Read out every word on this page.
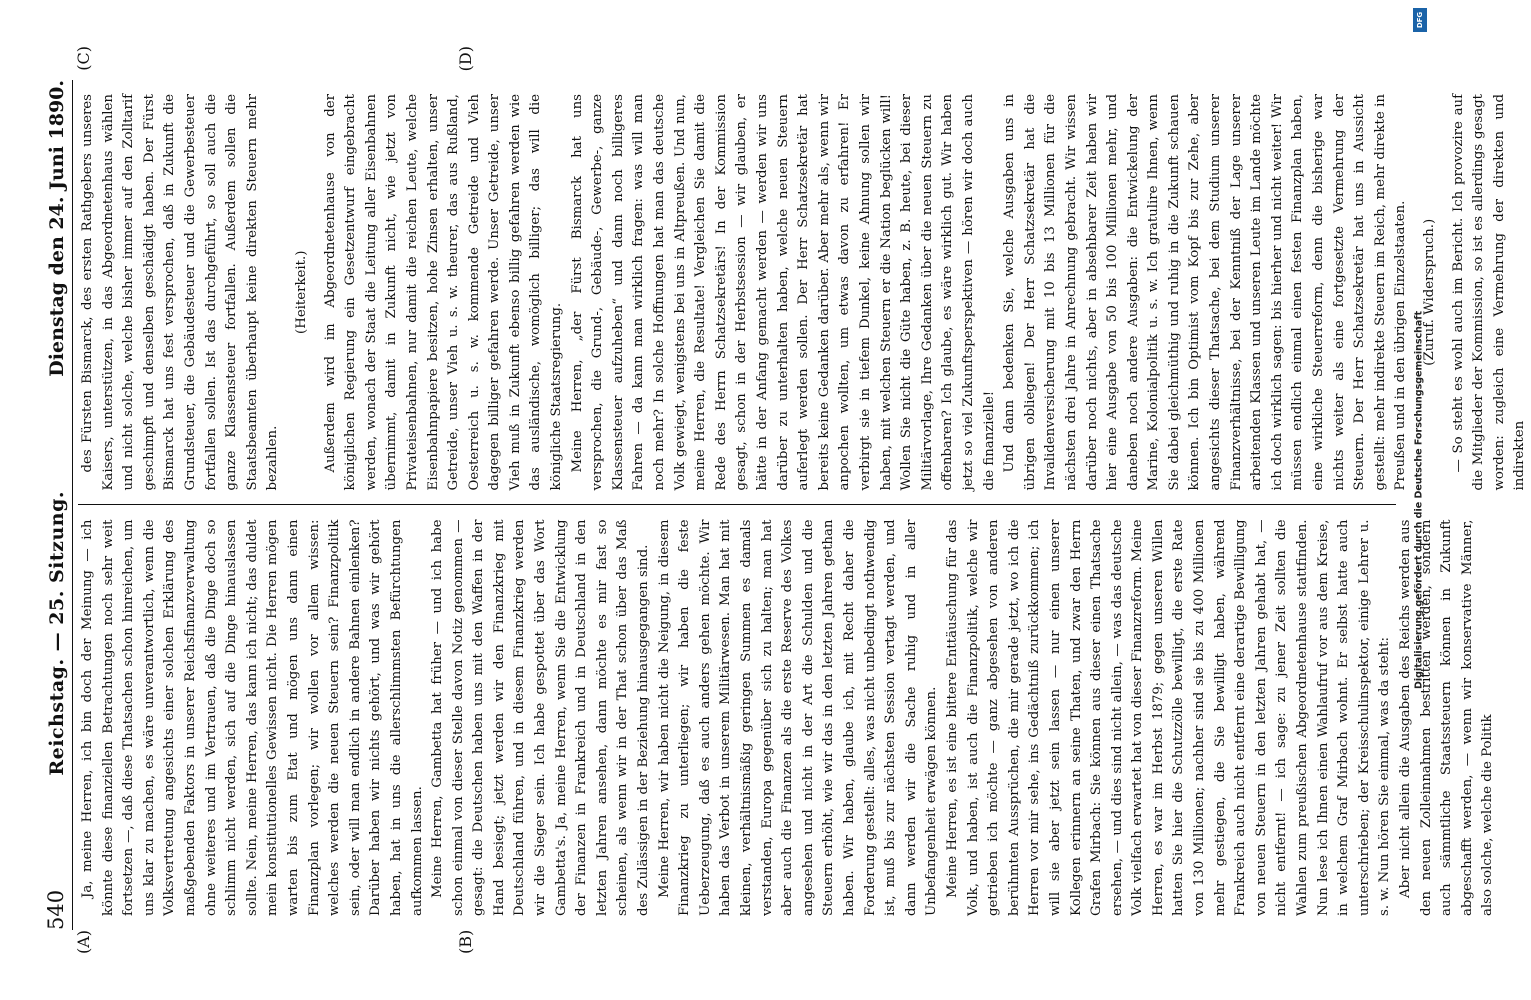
540
Reichstag. — 25. Sitzung.
Dienstag den 24. Juni 1890.
(A)	(B)
(C)	(D)

Ja, meine Herren, ich bin doch der Meinung — ich könnte diese finanziellen Betrachtungen noch sehr weit fortsetzen —, daß diese Thatsachen schon hinreichen, um uns klar zu machen, es wäre unverantwortlich, wenn die Volksvertretung angesichts einer solchen Erklärung des maßgebenden Faktors in unserer Reichsfinanzverwaltung ohne weiteres und im Vertrauen, daß die Dinge doch so schlimm nicht werden, sich auf die Dinge hinauslassen sollte. Nein, meine Herren, das kann ich nicht; das duldet mein konstitutionelles Gewissen nicht. Die Herren mögen warten bis zum Etat und mögen uns dann einen Finanzplan vorlegen; wir wollen vor allem wissen: welches werden die neuen Steuern sein? Finanzpolitik sein, oder will man endlich in andere Bahnen einlenken? Darüber haben wir nichts gehört, und was wir gehört haben, hat in uns die allerschlimmsten Befürchtungen aufkommen lassen. Meine Herren, Gambetta hat früher — und ich habe schon einmal von dieser Stelle davon Notiz genommen — gesagt: die Deutschen haben uns mit den Waffen in der Hand besiegt; jetzt werden wir den Finanzkrieg mit Deutschland führen, und in diesem Finanzkrieg werden wir die Sieger sein. Ich habe gespottet über das Wort Gambetta's. Ja, meine Herren, wenn Sie die Entwicklung der Finanzen in Frankreich und in Deutschland in den letzten Jahren ansehen, dann möchte es mir fast so scheinen, als wenn wir in der That schon über das Maß des Zulässigen in der Beziehung hinausgegangen sind. Meine Herren, wir haben nicht die Neigung, in diesem Finanzkrieg zu unterliegen; wir haben die feste Ueberzeugung, daß es auch anders gehen möchte. Wir haben das Verbot in unserem Militärwesen. Man hat mit kleinen, verhältnismäßig geringen Summen es damals verstanden, Europa gegenüber sich zu halten; man hat aber auch die Finanzen als die erste Reserve des Volkes angesehen und nicht in der Art die Schulden und die Steuern erhöht, wie wir das in den letzten Jahren gethan haben. Wir haben, glaube ich, mit Recht daher die Forderung gestellt: alles, was nicht unbedingt nothwendig ist, muß bis zur nächsten Session vertagt werden, und dann werden wir die Sache ruhig und in aller Unbefangenheit erwägen können. Meine Herren, es ist eine bittere Enttäuschung für das Volk, und haben, ist auch die Finanzpolitik, welche wir getrieben ich möchte — ganz abgesehen von anderen berühmten Aussprüchen, die mir gerade jetzt, wo ich die Herren vor mir sehe, ins Gedächtniß zurückkommen; ich will sie aber jetzt sein lassen — nur einen unserer Kollegen erinnern an seine Thaten, und zwar den Herrn Grafen Mirbach: Sie können aus dieser einen Thatsache ersehen, — und dies sind nicht allein, — was das deutsche Volk vielfach erwartet hat von dieser Finanzreform. Meine Herren, es war im Herbst 1879; gegen unseren Willen hatten Sie hier die Schutzzölle bewilligt, die erste Rate von 130 Millionen; nachher sind sie bis zu 400 Millionen mehr gestiegen, die Sie bewilligt haben, während Frankreich auch nicht entfernt eine derartige Bewilligung von neuen Steuern in den letzten Jahren gehabt hat, — nicht entfernt! — ich sage: zu jener Zeit sollten die Wahlen zum preußischen Abgeordnetenhause stattfinden. Nun lese ich Ihnen einen Wahlaufruf vor aus dem Kreise, in welchem Graf Mirbach wohnt. Er selbst hatte auch unterschrieben; der Kreisschulinspektor, einige Lehrer u. s. w. Nun hören Sie einmal, was da steht: Aber nicht allein die Ausgaben des Reichs werden aus den neuen Zolleinnahmen bestritten werden, sondern auch sämmtliche Staatssteuern können in Zukunft abgeschafft werden, — wenn wir konservative Männer, also solche, welche die Politik

des Fürsten Bismarck, des ersten Rathgebers unseres Kaisers, unterstützen, in das Abgeordnetenhaus wählen und nicht solche, welche bisher immer auf den Zolltarif geschimpft und denselben geschädigt haben. Der Fürst Bismarck hat uns fest versprochen, daß in Zukunft die Grundsteuer, die Gebäudesteuer und die Gewerbesteuer fortfallen sollen. Ist das durchgeführt, so soll auch die ganze Klassensteuer fortfallen. Außerdem sollen die Staatsbeamten überhaupt keine direkten Steuern mehr bezahlen.

(Heiterkeit.) Außerdem wird im Abgeordnetenhause von der königlichen Regierung ein Gesetzentwurf eingebracht werden, wonach der Staat die Leitung aller Eisenbahnen übernimmt, damit in Zukunft nicht, wie jetzt von Privateisenbahnen, nur damit die reichen Leute, welche Eisenbahnpapiere besitzen, hohe Zinsen erhalten, unser Getreide, unser Vieh u. s. w. theurer, das aus Rußland, Oesterreich u. s. w. kommende Getreide und Vieh dagegen billiger gefahren werde. Unser Getreide, unser Vieh muß in Zukunft ebenso billig gefahren werden wie das ausländische, womöglich billiger; das will die königliche Staatsregierung. Meine Herren, „der Fürst Bismarck hat uns versprochen, die Grund-, Gebäude-, Gewerbe-, ganze Klassensteuer aufzuheben“ und dann noch billigeres Fahren — da kann man wirklich fragen: was will man noch mehr? In solche Hoffnungen hat man das deutsche Volk gewiegt, wenigstens bei uns in Altpreußen. Und nun, meine Herren, die Resultate! Vergleichen Sie damit die Rede des Herrn Schatzsekretärs! In der Kommission gesagt, schon in der Herbstsession — wir glauben, er hätte in der Anfang gemacht werden — werden wir uns darüber zu unterhalten haben, welche neuen Steuern auferlegt werden sollen. Der Herr Schatzsekretär hat bereits keine Gedanken darüber. Aber mehr als, wenn wir anpochen wollten, um etwas davon zu erfahren! Er verbirgt sie in tiefem Dunkel, keine Ahnung sollen wir haben, mit welchen Steuern er die Nation beglücken will! Wollen Sie nicht die Güte haben, z. B. heute, bei dieser Militärvorlage, Ihre Gedanken über die neuen Steuern zu offenbaren? Ich glaube, es wäre wirklich gut. Wir haben jetzt so viel Zukunftsperspektiven — hören wir doch auch die finanzielle! Und dann bedenken Sie, welche Ausgaben uns in übrigen obliegen! Der Herr Schatzsekretär hat die Invalidenversicherung mit 10 bis 13 Millionen für die nächsten drei Jahre in Anrechnung gebracht. Wir wissen darüber noch nichts, aber in absehbarer Zeit haben wir hier eine Ausgabe von 50 bis 100 Millionen mehr, und daneben noch andere Ausgaben: die Entwickelung der Marine, Kolonialpolitik u. s. w. Ich gratulire Ihnen, wenn Sie dabei gleichmüthig und ruhig in die Zukunft schauen können. Ich bin Optimist vom Kopf bis zur Zehe, aber angesichts dieser Thatsache, bei dem Studium unserer Finanzverhältnisse, bei der Kenntniß der Lage unserer arbeitenden Klassen und unseren Leute im Lande möchte ich doch wirklich sagen: bis hierher und nicht weiter! Wir müssen endlich einmal einen festen Finanzplan haben, eine wirkliche Steuerreform, denn die bisherige war nichts weiter als eine fortgesetzte Vermehrung der Steuern. Der Herr Schatzsekretär hat uns in Aussicht gestellt: mehr indirekte Steuern im Reich, mehr direkte in Preußen und in den übrigen Einzelstaaten. (Zuruf. Widerspruch.) — So steht es wohl auch im Bericht. Ich provozire auf die Mitglieder der Kommission, so ist es allerdings gesagt worden: zugleich eine Vermehrung der direkten und indirekten

DFG
Digitalisierung gefördert durch die Deutsche Forschungsgemeinschaft
